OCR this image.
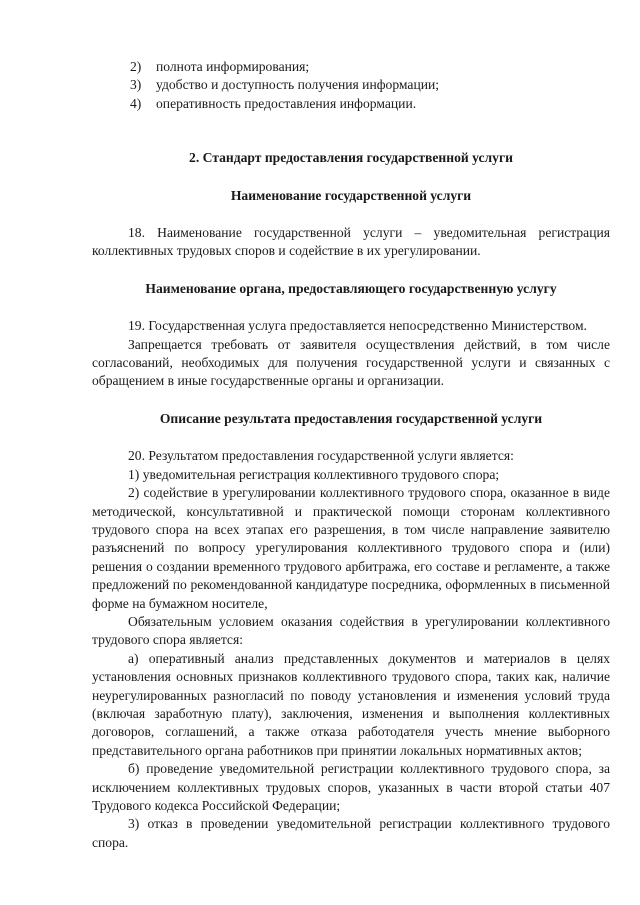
2) полнота информирования;
3) удобство и доступность получения информации;
4) оперативность предоставления информации.
2. Стандарт предоставления государственной услуги
Наименование государственной услуги

18. Наименование государственной услуги – уведомительная регистрация коллективных трудовых споров и содействие в их урегулировании.

Наименование органа, предоставляющего государственную услугу

19. Государственная услуга предоставляется непосредственно Министерством.

Запрещается требовать от заявителя осуществления действий, в том числе согласований, необходимых для получения государственной услуги и связанных с обращением в иные государственные органы и организации.

Описание результата предоставления государственной услуги

20. Результатом предоставления государственной услуги является:

1) уведомительная регистрация коллективного трудового спора;

2) содействие в урегулировании коллективного трудового спора, оказанное в виде методической, консультативной и практической помощи сторонам коллективного трудового спора на всех этапах его разрешения, в том числе направление заявителю разъяснений по вопросу урегулирования коллективного трудового спора и (или) решения о создании временного трудового арбитража, его составе и регламенте, а также предложений по рекомендованной кандидатуре посредника, оформленных в письменной форме на бумажном носителе,

Обязательным условием оказания содействия в урегулировании коллективного трудового спора является:

а) оперативный анализ представленных документов и материалов в целях установления основных признаков коллективного трудового спора, таких как, наличие неурегулированных разногласий по поводу установления и изменения условий труда (включая заработную плату), заключения, изменения и выполнения коллективных договоров, соглашений, а также отказа работодателя учесть мнение выборного представительного органа работников при принятии локальных нормативных актов;

б) проведение уведомительной регистрации коллективного трудового спора, за исключением коллективных трудовых споров, указанных в части второй статьи 407 Трудового кодекса Российской Федерации;

3) отказ в проведении уведомительной регистрации коллективного трудового спора.
